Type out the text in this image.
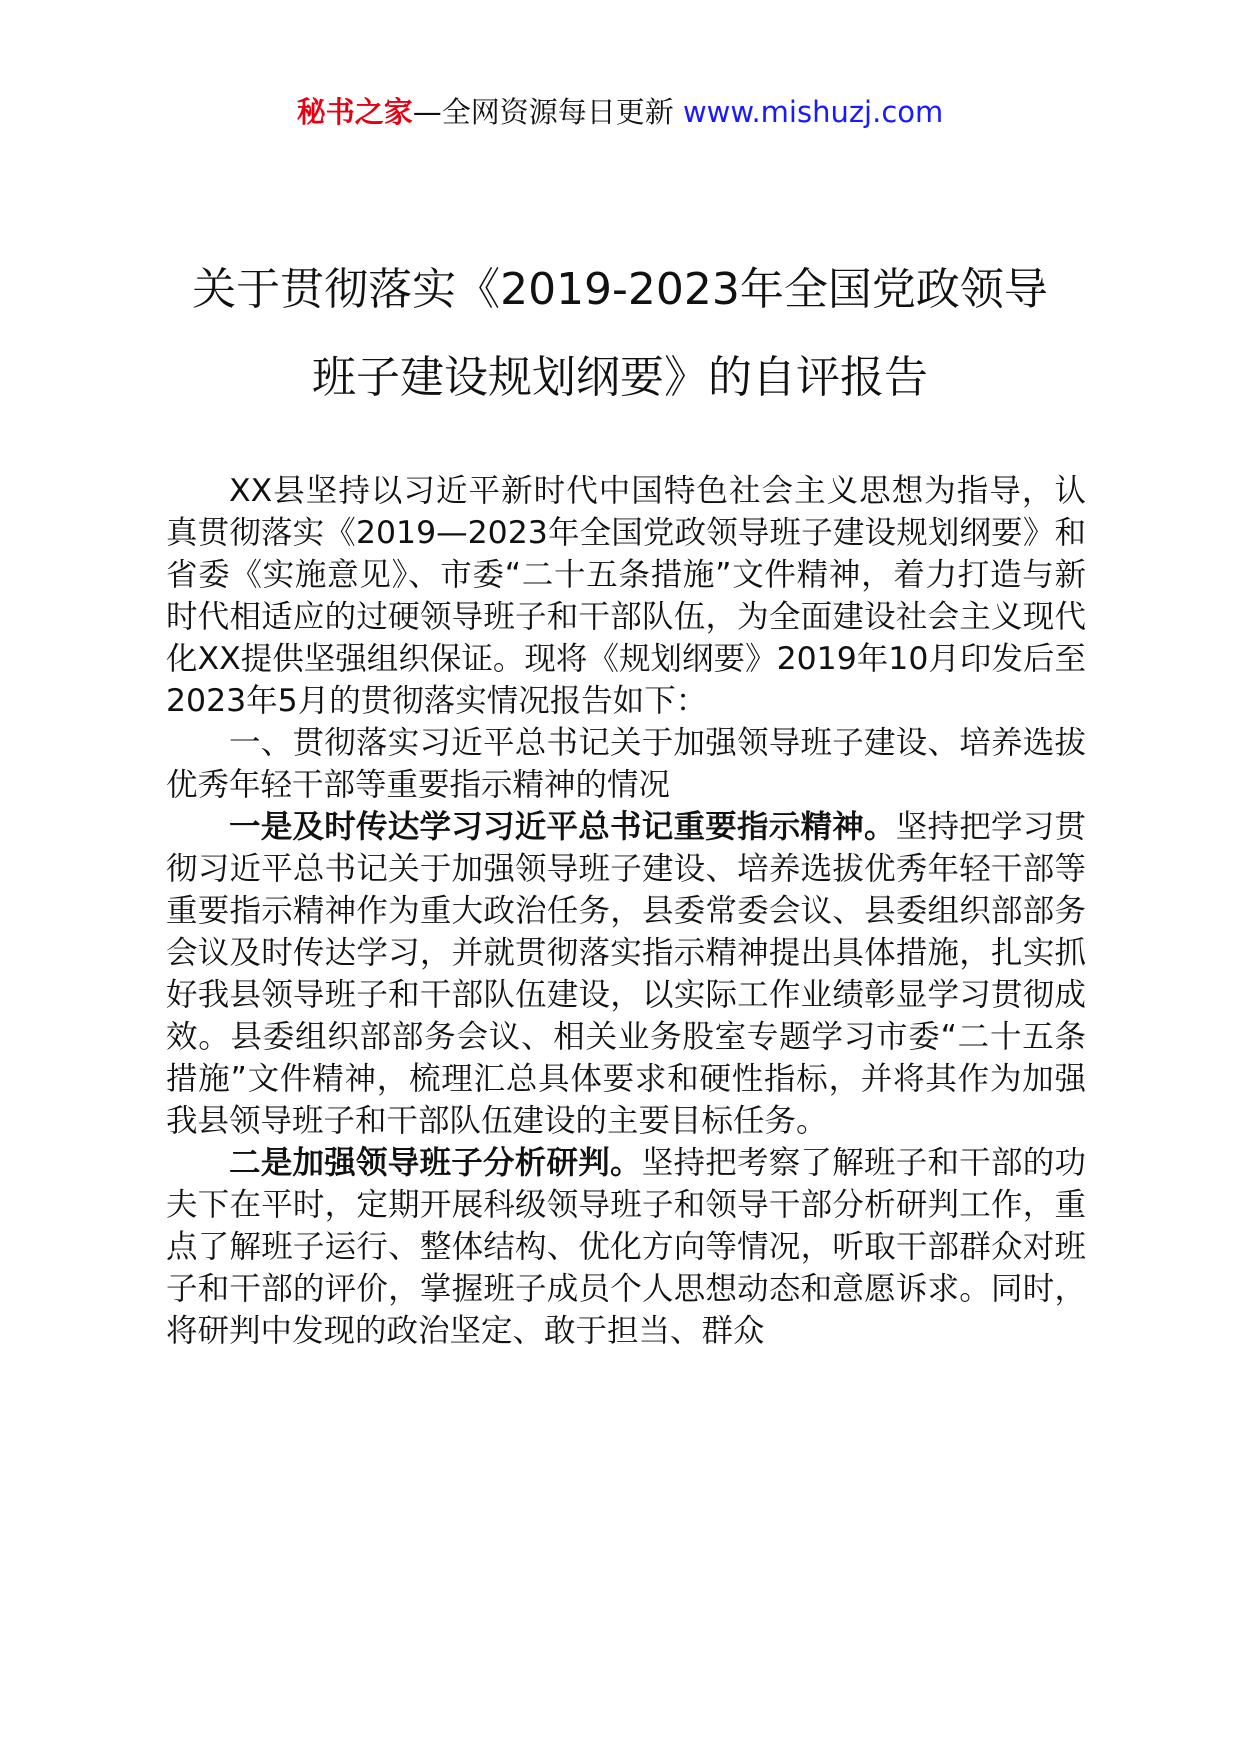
秘书之家—全网资源每日更新 www.mishuzj.com
关于贯彻落实《2019-2023年全国党政领导
班子建设规划纲要》的自评报告

XX县坚持以习近平新时代中国特色社会主义思想为指导，认真贯彻落实《2019—2023年全国党政领导班子建设规划纲要》和省委《实施意见》、市委“二十五条措施”文件精神，着力打造与新时代相适应的过硬领导班子和干部队伍，为全面建设社会主义现代化XX提供坚强组织保证。现将《规划纲要》2019年10月印发后至2023年5月的贯彻落实情况报告如下：

一、贯彻落实习近平总书记关于加强领导班子建设、培养选拔优秀年轻干部等重要指示精神的情况

一是及时传达学习习近平总书记重要指示精神。坚持把学习贯彻习近平总书记关于加强领导班子建设、培养选拔优秀年轻干部等重要指示精神作为重大政治任务，县委常委会议、县委组织部部务会议及时传达学习，并就贯彻落实指示精神提出具体措施，扎实抓好我县领导班子和干部队伍建设，以实际工作业绩彰显学习贯彻成效。县委组织部部务会议、相关业务股室专题学习市委“二十五条措施”文件精神，梳理汇总具体要求和硬性指标，并将其作为加强我县领导班子和干部队伍建设的主要目标任务。

二是加强领导班子分析研判。坚持把考察了解班子和干部的功夫下在平时，定期开展科级领导班子和领导干部分析研判工作，重点了解班子运行、整体结构、优化方向等情况，听取干部群众对班子和干部的评价，掌握班子成员个人思想动态和意愿诉求。同时，将研判中发现的政治坚定、敢于担当、群众
